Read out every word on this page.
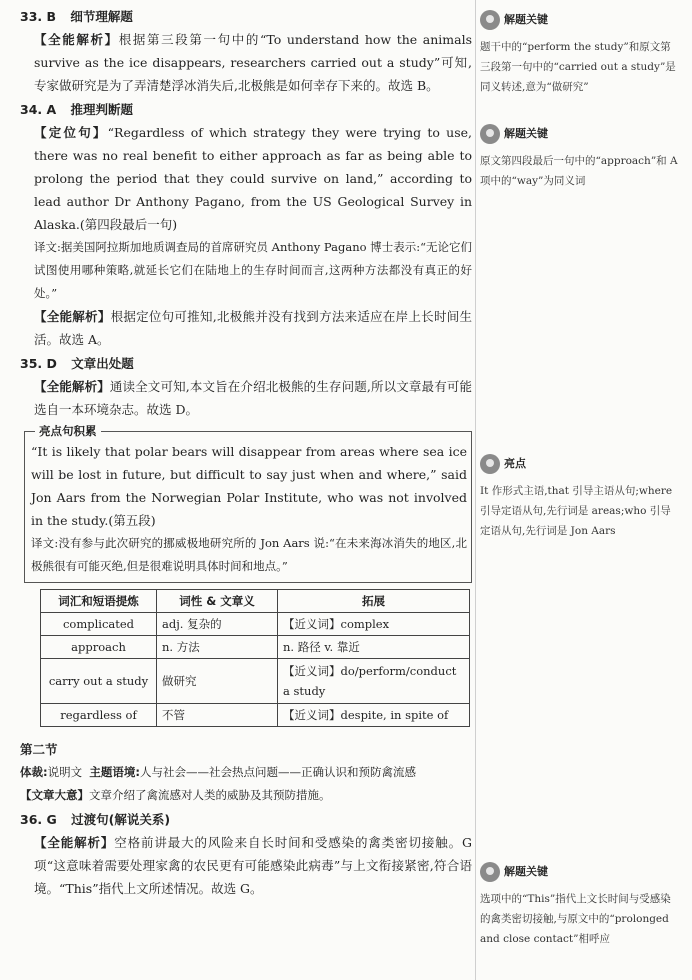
33. B 细节理解题

【全能解析】根据第三段第一句中的“To understand how the animals survive as the ice disappears, researchers carried out a study”可知,专家做研究是为了弄清楚浮冰消失后,北极熊是如何幸存下来的。故选 B。

34. A 推理判断题

【定位句】“Regardless of which strategy they were trying to use, there was no real benefit to either approach as far as being able to prolong the period that they could survive on land,” according to lead author Dr Anthony Pagano, from the US Geological Survey in Alaska.(第四段最后一句)

译文:据美国阿拉斯加地质调查局的首席研究员 Anthony Pagano 博士表示:“无论它们试图使用哪种策略,就延长它们在陆地上的生存时间而言,这两种方法都没有真正的好处。”

【全能解析】根据定位句可推知,北极熊并没有找到方法来适应在岸上长时间生活。故选 A。

35. D 文章出处题

【全能解析】通读全文可知,本文旨在介绍北极熊的生存问题,所以文章最有可能选自一本环境杂志。故选 D。

亮点句积累

“It is likely that polar bears will disappear from areas where sea ice will be lost in future, but difficult to say just when and where,” said Jon Aars from the Norwegian Polar Institute, who was not involved in the study.(第五段)

译文:没有参与此次研究的挪威极地研究所的 Jon Aars 说:“在未来海冰消失的地区,北极熊很有可能灭绝,但是很难说明具体时间和地点。”

词汇和短语提炼	词性 & 文章义	拓展
complicated	adj. 复杂的	【近义词】complex
approach	n. 方法	n. 路径 v. 靠近
carry out a study	做研究	【近义词】do/perform/conduct a study
regardless of	不管	【近义词】despite, in spite of
第二节

体裁:说明文 主题语境:人与社会——社会热点问题——正确认识和预防禽流感

【文章大意】文章介绍了禽流感对人类的威胁及其预防措施。

36. G 过渡句(解说关系)

【全能解析】空格前讲最大的风险来自长时间和受感染的禽类密切接触。G 项“这意味着需要处理家禽的农民更有可能感染此病毒”与上文衔接紧密,符合语境。“This”指代上文所述情况。故选 G。

解题关键
题干中的“perform the study”和原文第三段第一句中的“carried out a study”是同义转述,意为“做研究”
解题关键
原文第四段最后一句中的“approach”和 A 项中的“way”为同义词
亮点
It 作形式主语,that 引导主语从句;where 引导定语从句,先行词是 areas;who 引导定语从句,先行词是 Jon Aars
解题关键
选项中的“This”指代上文长时间与受感染的禽类密切接触,与原文中的“prolonged and close contact”相呼应
